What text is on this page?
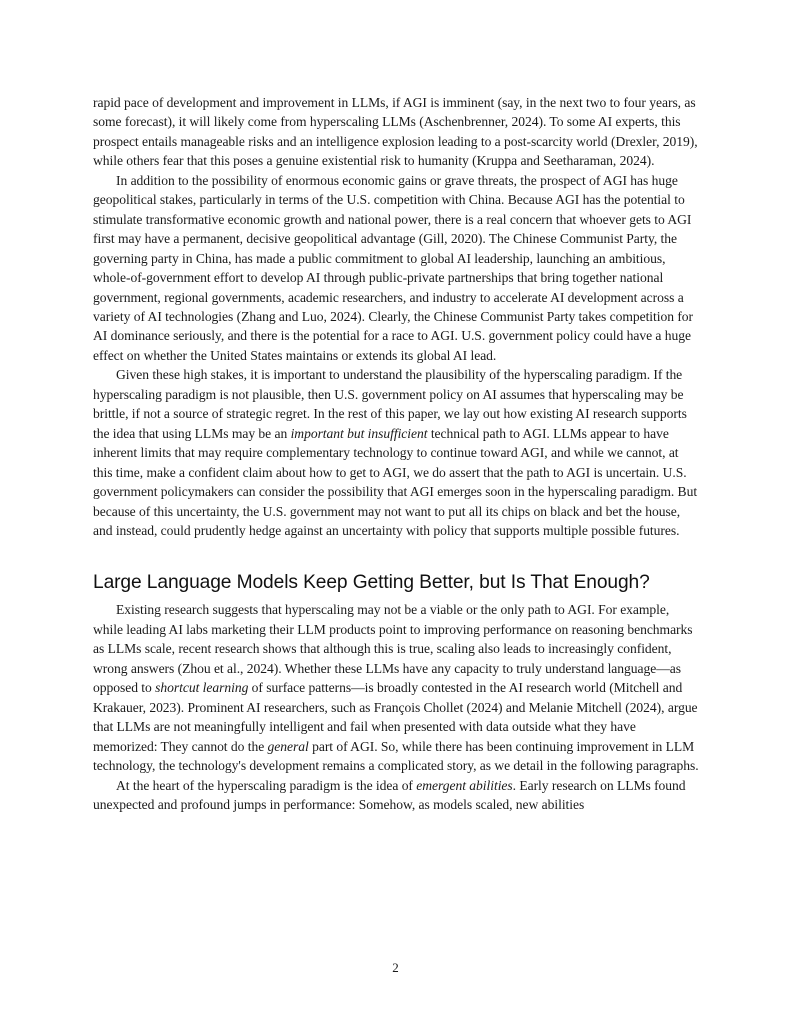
rapid pace of development and improvement in LLMs, if AGI is imminent (say, in the next two to four years, as some forecast), it will likely come from hyperscaling LLMs (Aschenbrenner, 2024). To some AI experts, this prospect entails manageable risks and an intelligence explosion leading to a post-scarcity world (Drexler, 2019), while others fear that this poses a genuine existential risk to humanity (Kruppa and Seetharaman, 2024).

In addition to the possibility of enormous economic gains or grave threats, the prospect of AGI has huge geopolitical stakes, particularly in terms of the U.S. competition with China. Because AGI has the potential to stimulate transformative economic growth and national power, there is a real concern that whoever gets to AGI first may have a permanent, decisive geopolitical advantage (Gill, 2020). The Chinese Communist Party, the governing party in China, has made a public commitment to global AI leadership, launching an ambitious, whole-of-government effort to develop AI through public-private partnerships that bring together national government, regional governments, academic researchers, and industry to accelerate AI development across a variety of AI technologies (Zhang and Luo, 2024). Clearly, the Chinese Communist Party takes competition for AI dominance seriously, and there is the potential for a race to AGI. U.S. government policy could have a huge effect on whether the United States maintains or extends its global AI lead.

Given these high stakes, it is important to understand the plausibility of the hyperscaling paradigm. If the hyperscaling paradigm is not plausible, then U.S. government policy on AI assumes that hyperscaling may be brittle, if not a source of strategic regret. In the rest of this paper, we lay out how existing AI research supports the idea that using LLMs may be an important but insufficient technical path to AGI. LLMs appear to have inherent limits that may require complementary technology to continue toward AGI, and while we cannot, at this time, make a confident claim about how to get to AGI, we do assert that the path to AGI is uncertain. U.S. government policymakers can consider the possibility that AGI emerges soon in the hyperscaling paradigm. But because of this uncertainty, the U.S. government may not want to put all its chips on black and bet the house, and instead, could prudently hedge against an uncertainty with policy that supports multiple possible futures.

Large Language Models Keep Getting Better, but Is That Enough?

Existing research suggests that hyperscaling may not be a viable or the only path to AGI. For example, while leading AI labs marketing their LLM products point to improving performance on reasoning benchmarks as LLMs scale, recent research shows that although this is true, scaling also leads to increasingly confident, wrong answers (Zhou et al., 2024). Whether these LLMs have any capacity to truly understand language—as opposed to shortcut learning of surface patterns—is broadly contested in the AI research world (Mitchell and Krakauer, 2023). Prominent AI researchers, such as François Chollet (2024) and Melanie Mitchell (2024), argue that LLMs are not meaningfully intelligent and fail when presented with data outside what they have memorized: They cannot do the general part of AGI. So, while there has been continuing improvement in LLM technology, the technology's development remains a complicated story, as we detail in the following paragraphs.

At the heart of the hyperscaling paradigm is the idea of emergent abilities. Early research on LLMs found unexpected and profound jumps in performance: Somehow, as models scaled, new abilities

2
